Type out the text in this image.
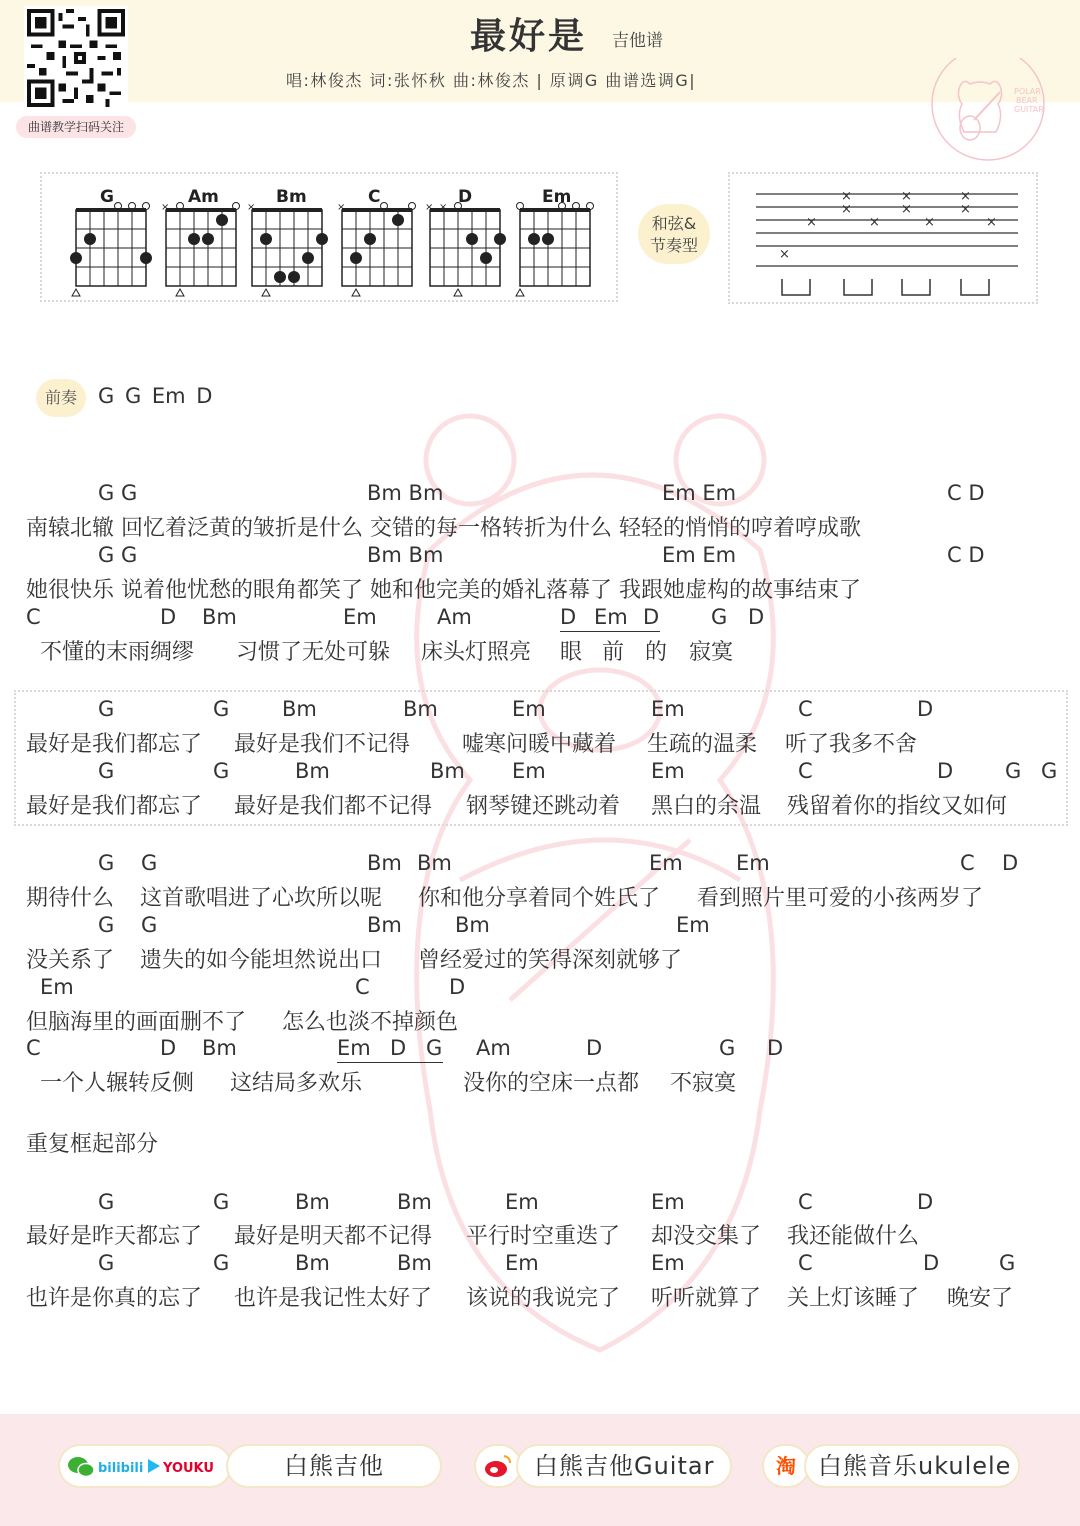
曲谱教学扫码关注
最好是 吉他谱
唱:林俊杰 词:张怀秋 曲:林俊杰 | 原调G 曲谱选调G|
POLAR
BEAR
GUITAR
G	Am
×
Bm
×
C
×
D
× ×
Em
和弦&
节奏型	×
×
×
×
×
×
×
×
×
×
×
前奏	G G Em D
G G	Bm Bm	Em Em	C D
南辕北辙 回忆着泛黄的皱折是什么 交错的每一格转折为什么 轻轻的悄悄的哼着哼成歌
G G	Bm Bm	Em Em	C D
她很快乐 说着他忧愁的眼角都笑了 她和他完美的婚礼落幕了 我跟她虚构的故事结束了
C	D Bm	Em	Am	D Em D G D
不懂的末雨绸缪 习惯了无处可躲 床头灯照亮 眼 前 的 寂寞
G	G	Bm	Bm	Em	Em	C	D
最好是我们都忘了 最好是我们不记得 嘘寒问暖中藏着 生疏的温柔 听了我多不舍
G	G	Bm	Bm Em	Em	C	D G G
最好是我们都忘了 最好是我们都不记得 钢琴键还跳动着 黑白的余温 残留着你的指纹又如何
G G	Bm Bm	Em	Em	C D
期待什么 这首歌唱进了心坎所以呢 你和他分享着同个姓氏了 看到照片里可爱的小孩两岁了
G G	Bm	Bm	Em
没关系了 遗失的如今能坦然说出口 曾经爱过的笑得深刻就够了
Em	C	D
但脑海里的画面删不了 怎么也淡不掉颜色
C	D Bm	Em D G Am	D	G D
一个人辗转反侧 这结局多欢乐	没你的空床一点都 不寂寞
重复框起部分
G	G	Bm	Bm	Em	Em	C	D
最好是昨天都忘了 最好是明天都不记得 平行时空重迭了 却没交集了 我还能做什么
G	G	Bm	Bm	Em	Em	C	D	G
也许是你真的忘了 也许是我记性太好了 该说的我说完了 听听就算了 关上灯该睡了 晚安了
bilibili YOUKU	白熊吉他	白熊吉他Guitar	淘 白熊音乐ukulele
